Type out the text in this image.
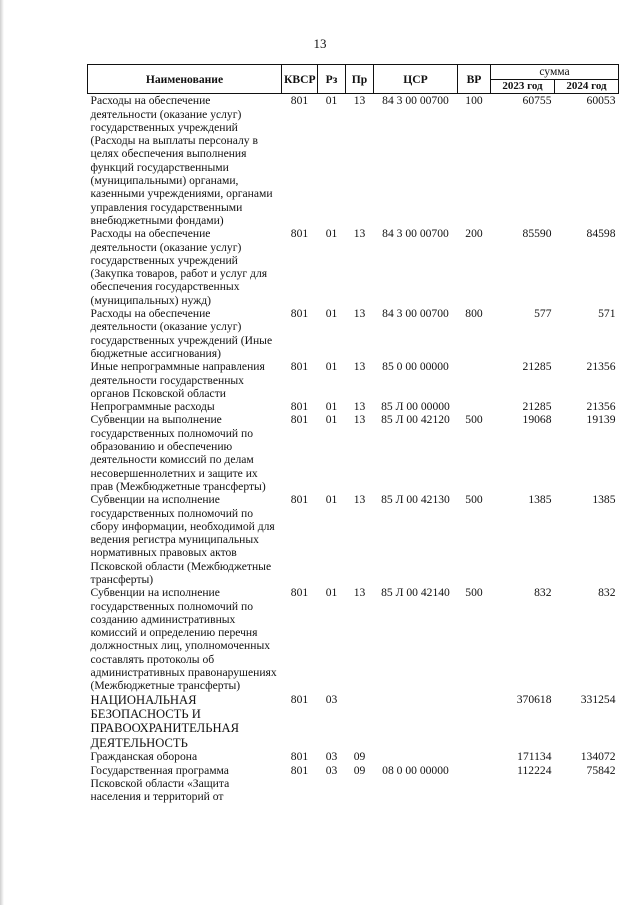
13
Наименование	КВСР	Рз	Пр	ЦСР	ВР	сумма	
						2023 год	2024 год
Расходы на обеспечение деятельности (оказание услуг) государственных учреждений (Расходы на выплаты персоналу в целях обеспечения выполнения функций государственными (муниципальными) органами, казенными учреждениями, органами управления государственными внебюджетными фондами)	801	01	13	84 3 00 00700	100	60755	60053
Расходы на обеспечение деятельности (оказание услуг) государственных учреждений (Закупка товаров, работ и услуг для обеспечения государственных (муниципальных) нужд)	801	01	13	84 3 00 00700	200	85590	84598
Расходы на обеспечение деятельности (оказание услуг) государственных учреждений (Иные бюджетные ассигнования)	801	01	13	84 3 00 00700	800	577	571
Иные непрограммные направления деятельности государственных органов Псковской области	801	01	13	85 0 00 00000		21285	21356
Непрограммные расходы	801	01	13	85 Л 00 00000		21285	21356
Субвенции на выполнение государственных полномочий по образованию и обеспечению деятельности комиссий по делам несовершеннолетних и защите их прав (Межбюджетные трансферты)	801	01	13	85 Л 00 42120	500	19068	19139
Субвенции на исполнение государственных полномочий по сбору информации, необходимой для ведения регистра муниципальных нормативных правовых актов Псковской области (Межбюджетные трансферты)	801	01	13	85 Л 00 42130	500	1385	1385
Субвенции на исполнение государственных полномочий по созданию административных комиссий и определению перечня должностных лиц, уполномоченных составлять протоколы об административных правонарушениях (Межбюджетные трансферты)	801	01	13	85 Л 00 42140	500	832	832
НАЦИОНАЛЬНАЯ БЕЗОПАСНОСТЬ И ПРАВООХРАНИТЕЛЬНАЯ ДЕЯТЕЛЬНОСТЬ	801	03				370618	331254
Гражданская оборона	801	03	09			171134	134072
Государственная программа Псковской области «Защита населения и территорий от	801	03	09	08 0 00 00000		112224	75842
